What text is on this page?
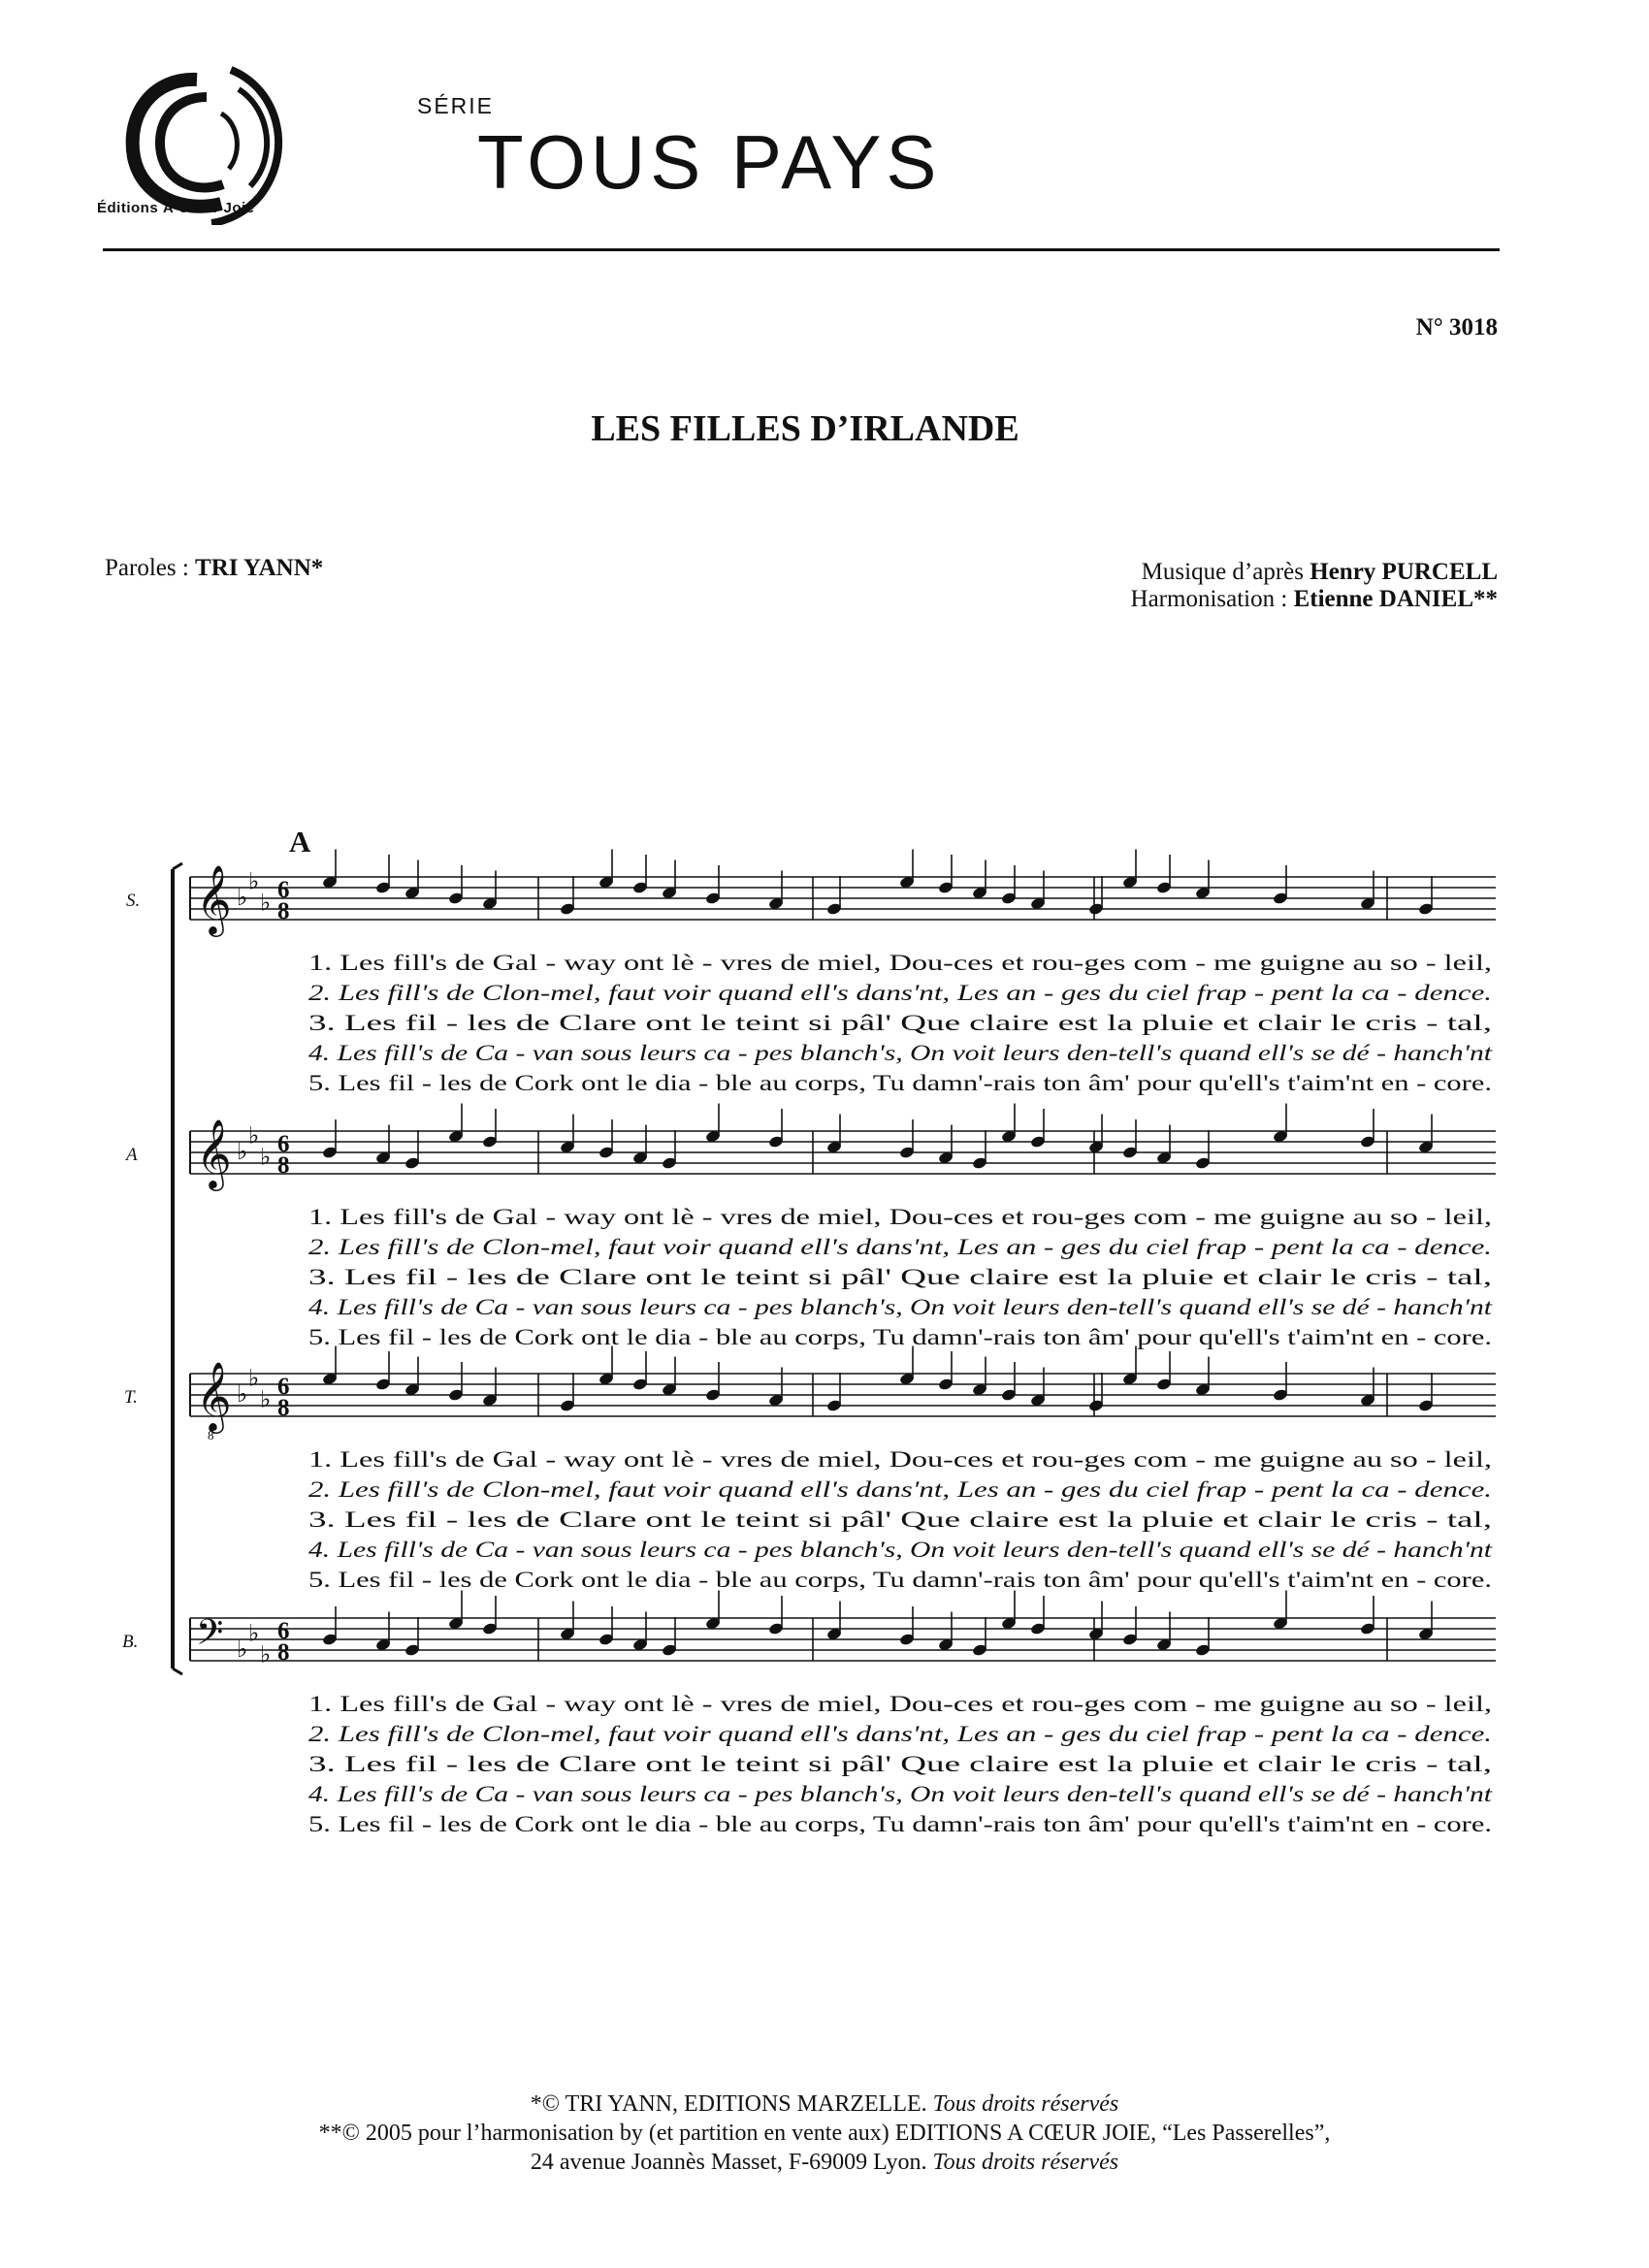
Éditions À Cœur Joie
SÉRIE
TOUS PAYS
N° 3018
LES FILLES D’IRLANDE
Paroles : TRI YANN*	Musique d’après Henry PURCELL
Harmonisation : Etienne DANIEL**
A
S. 𝄞 ♭
♭
♭ 6
8
1. Les fill's de Gal - way ont lè - vres de miel, Dou-ces et rou-ges com - me guigne au so - leil,
2. Les fill's de Clon-mel, faut voir quand ell's dans'nt, Les an - ges du ciel frap - pent la ca - dence.
3. Les fil - les de Clare ont le teint si pâl' Que claire est la pluie et clair le cris - tal,
4. Les fill's de Ca - van sous leurs ca - pes blanch's, On voit leurs den-tell's quand ell's se dé - hanch'nt
5. Les fil - les de Cork ont le dia - ble au corps, Tu damn'-rais ton âm' pour qu'ell's t'aim'nt en - core.
A 𝄞 ♭
♭
♭ 6
8
1. Les fill's de Gal - way ont lè - vres de miel, Dou-ces et rou-ges com - me guigne au so - leil,
2. Les fill's de Clon-mel, faut voir quand ell's dans'nt, Les an - ges du ciel frap - pent la ca - dence.
3. Les fil - les de Clare ont le teint si pâl' Que claire est la pluie et clair le cris - tal,
4. Les fill's de Ca - van sous leurs ca - pes blanch's, On voit leurs den-tell's quand ell's se dé - hanch'nt
5. Les fil - les de Cork ont le dia - ble au corps, Tu damn'-rais ton âm' pour qu'ell's t'aim'nt en - core.
T. 𝄞
8
♭
♭
♭ 6
8
1. Les fill's de Gal - way ont lè - vres de miel, Dou-ces et rou-ges com - me guigne au so - leil,
2. Les fill's de Clon-mel, faut voir quand ell's dans'nt, Les an - ges du ciel frap - pent la ca - dence.
3. Les fil - les de Clare ont le teint si pâl' Que claire est la pluie et clair le cris - tal,
4. Les fill's de Ca - van sous leurs ca - pes blanch's, On voit leurs den-tell's quand ell's se dé - hanch'nt
5. Les fil - les de Cork ont le dia - ble au corps, Tu damn'-rais ton âm' pour qu'ell's t'aim'nt en - core.
B. 𝄢 ♭
♭
♭
6
8
1. Les fill's de Gal - way ont lè - vres de miel, Dou-ces et rou-ges com - me guigne au so - leil,
2. Les fill's de Clon-mel, faut voir quand ell's dans'nt, Les an - ges du ciel frap - pent la ca - dence.
3. Les fil - les de Clare ont le teint si pâl' Que claire est la pluie et clair le cris - tal,
4. Les fill's de Ca - van sous leurs ca - pes blanch's, On voit leurs den-tell's quand ell's se dé - hanch'nt
5. Les fil - les de Cork ont le dia - ble au corps, Tu damn'-rais ton âm' pour qu'ell's t'aim'nt en - core.
*© TRI YANN, EDITIONS MARZELLE. Tous droits réservés
**© 2005 pour l’harmonisation by (et partition en vente aux) EDITIONS A CŒUR JOIE, “Les Passerelles”,
24 avenue Joannès Masset, F-69009 Lyon. Tous droits réservés
